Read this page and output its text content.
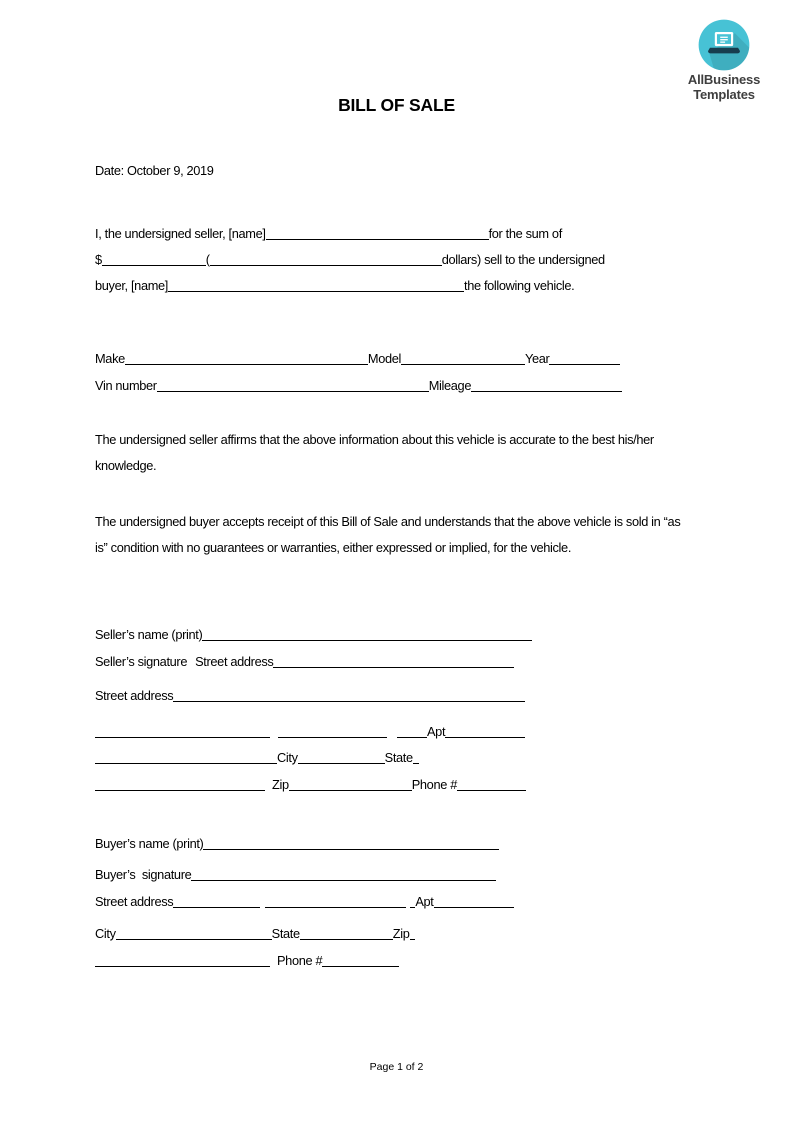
AllBusiness
Templates
BILL OF SALE
Date: October 9, 2019
I, the undersigned seller, [name]	for the sum of
$	(	dollars) sell to the undersigned
buyer, [name]	the following vehicle.
Make	Model	Year
Vin number	Mileage
The undersigned seller affirms that the above information about this vehicle is accurate to the best his/her knowledge.
The undersigned buyer accepts receipt of this Bill of Sale and understands that the above vehicle is sold in “as is” condition with no guarantees or warranties, either expressed or implied, for the vehicle.
Seller’s name (print)
Seller’s signature Street address
Street address
Apt
City	State
Zip	Phone #
Buyer’s name (print)
Buyer’s  signature
Street address	Apt
City	State	Zip
Phone #
Page 1 of 2
